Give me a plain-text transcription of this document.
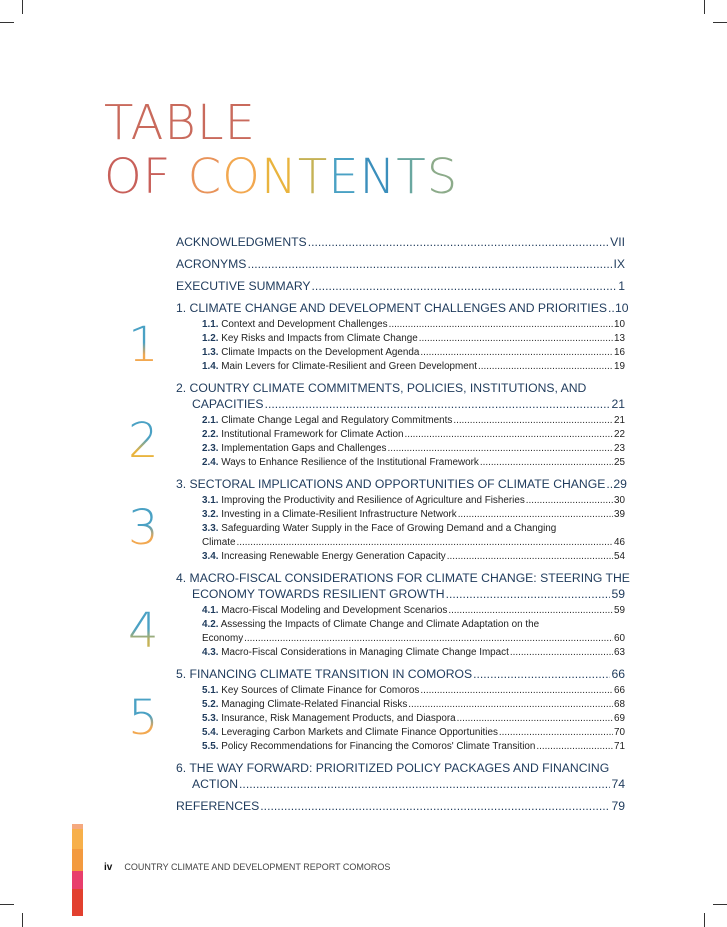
TABLE
OF CONTENTS
ACKNOWLEDGMENTS .....	VII
ACRONYMS .....	IX
EXECUTIVE SUMMARY .....	1
1. CLIMATE CHANGE AND DEVELOPMENT CHALLENGES AND PRIORITIES ..... 10
1.1. Context and Development Challenges .....	10
1.2. Key Risks and Impacts from Climate Change .....	13
1.3. Climate Impacts on the Development Agenda .....	16
1.4. Main Levers for Climate-Resilient and Green Development .....	19
2. COUNTRY CLIMATE COMMITMENTS, POLICIES, INSTITUTIONS, AND
CAPACITIES .....	21
2.1. Climate Change Legal and Regulatory Commitments .....	21
2.2. Institutional Framework for Climate Action .....	22
2.3. Implementation Gaps and Challenges .....	23
2.4. Ways to Enhance Resilience of the Institutional Framework .....	25
3. SECTORAL IMPLICATIONS AND OPPORTUNITIES OF CLIMATE CHANGE ..... 29
3.1. Improving the Productivity and Resilience of Agriculture and Fisheries .....	30
3.2. Investing in a Climate-Resilient Infrastructure Network .....	39
3.3. Safeguarding Water Supply in the Face of Growing Demand and a Changing
Climate .....	46
3.4. Increasing Renewable Energy Generation Capacity .....	54
4. MACRO-FISCAL CONSIDERATIONS FOR CLIMATE CHANGE: STEERING THE
ECONOMY TOWARDS RESILIENT GROWTH .....	59
4.1. Macro-Fiscal Modeling and Development Scenarios .....	59
4.2. Assessing the Impacts of Climate Change and Climate Adaptation on the
Economy .....	60
4.3. Macro-Fiscal Considerations in Managing Climate Change Impact .....	63
5. FINANCING CLIMATE TRANSITION IN COMOROS .....	66
5.1. Key Sources of Climate Finance for Comoros .....	66
5.2. Managing Climate-Related Financial Risks .....	68
5.3. Insurance, Risk Management Products, and Diaspora .....	69
5.4. Leveraging Carbon Markets and Climate Finance Opportunities .....	70
5.5. Policy Recommendations for Financing the Comoros' Climate Transition .....	71
6. THE WAY FORWARD: PRIORITIZED POLICY PACKAGES AND FINANCING
ACTION .....	74
REFERENCES .....	79
1
2
3
4
5
iv COUNTRY CLIMATE AND DEVELOPMENT REPORT COMOROS
